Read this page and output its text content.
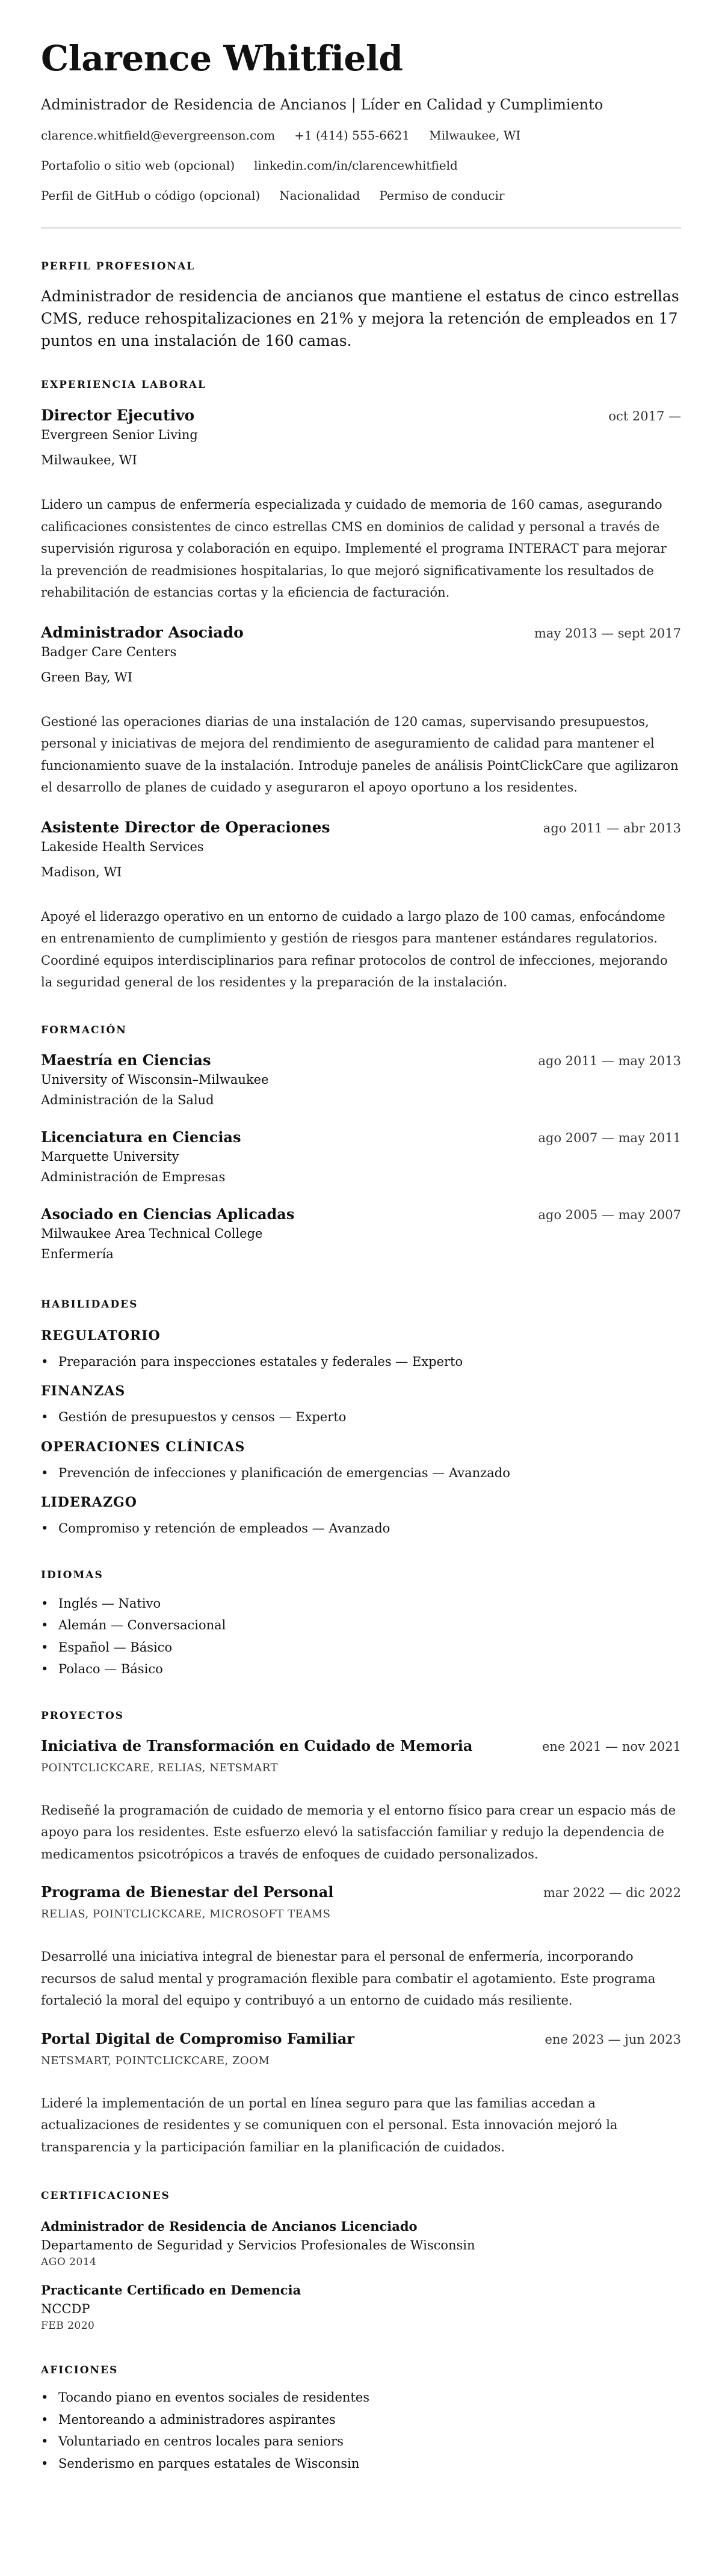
Clarence Whitfield
Administrador de Residencia de Ancianos | Líder en Calidad y Cumplimiento
clarence.whitfield@evergreenson.com +1 (414) 555-6621 Milwaukee, WI
Portafolio o sitio web (opcional) linkedin.com/in/clarencewhitfield
Perfil de GitHub o código (opcional) Nacionalidad Permiso de conducir
PERFIL PROFESIONAL

Administrador de residencia de ancianos que mantiene el estatus de cinco estrellas CMS, reduce rehospitalizaciones en 21% y mejora la retención de empleados en 17 puntos en una instalación de 160 camas.

EXPERIENCIA LABORAL
Director Ejecutivo	oct 2017 —
Evergreen Senior Living
Milwaukee, WI

Lidero un campus de enfermería especializada y cuidado de memoria de 160 camas, asegurando calificaciones consistentes de cinco estrellas CMS en dominios de calidad y personal a través de supervisión rigurosa y colaboración en equipo. Implementé el programa INTERACT para mejorar la prevención de readmisiones hospitalarias, lo que mejoró significativamente los resultados de rehabilitación de estancias cortas y la eficiencia de facturación.

Administrador Asociado	may 2013 — sept 2017
Badger Care Centers
Green Bay, WI

Gestioné las operaciones diarias de una instalación de 120 camas, supervisando presupuestos, personal y iniciativas de mejora del rendimiento de aseguramiento de calidad para mantener el funcionamiento suave de la instalación. Introduje paneles de análisis PointClickCare que agilizaron el desarrollo de planes de cuidado y aseguraron el apoyo oportuno a los residentes.

Asistente Director de Operaciones	ago 2011 — abr 2013
Lakeside Health Services
Madison, WI

Apoyé el liderazgo operativo en un entorno de cuidado a largo plazo de 100 camas, enfocándome en entrenamiento de cumplimiento y gestión de riesgos para mantener estándares regulatorios. Coordiné equipos interdisciplinarios para refinar protocolos de control de infecciones, mejorando la seguridad general de los residentes y la preparación de la instalación.

FORMACIÓN
Maestría en Ciencias	ago 2011 — may 2013
University of Wisconsin–Milwaukee
Administración de la Salud
Licenciatura en Ciencias	ago 2007 — may 2011
Marquette University
Administración de Empresas
Asociado en Ciencias Aplicadas	ago 2005 — may 2007
Milwaukee Area Technical College
Enfermería
HABILIDADES
REGULATORIO
• Preparación para inspecciones estatales y federales — Experto
FINANZAS
• Gestión de presupuestos y censos — Experto
OPERACIONES CLÍNICAS
• Prevención de infecciones y planificación de emergencias — Avanzado
LIDERAZGO
• Compromiso y retención de empleados — Avanzado
IDIOMAS
• Inglés — Nativo
• Alemán — Conversacional
• Español — Básico
• Polaco — Básico
PROYECTOS
Iniciativa de Transformación en Cuidado de Memoria	ene 2021 — nov 2021
POINTCLICKCARE, RELIAS, NETSMART

Rediseñé la programación de cuidado de memoria y el entorno físico para crear un espacio más de apoyo para los residentes. Este esfuerzo elevó la satisfacción familiar y redujo la dependencia de medicamentos psicotrópicos a través de enfoques de cuidado personalizados.

Programa de Bienestar del Personal	mar 2022 — dic 2022
RELIAS, POINTCLICKCARE, MICROSOFT TEAMS

Desarrollé una iniciativa integral de bienestar para el personal de enfermería, incorporando recursos de salud mental y programación flexible para combatir el agotamiento. Este programa fortaleció la moral del equipo y contribuyó a un entorno de cuidado más resiliente.

Portal Digital de Compromiso Familiar	ene 2023 — jun 2023
NETSMART, POINTCLICKCARE, ZOOM

Lideré la implementación de un portal en línea seguro para que las familias accedan a actualizaciones de residentes y se comuniquen con el personal. Esta innovación mejoró la transparencia y la participación familiar en la planificación de cuidados.

CERTIFICACIONES
Administrador de Residencia de Ancianos Licenciado
Departamento de Seguridad y Servicios Profesionales de Wisconsin
AGO 2014
Practicante Certificado en Demencia
NCCDP
FEB 2020
AFICIONES
• Tocando piano en eventos sociales de residentes
• Mentoreando a administradores aspirantes
• Voluntariado en centros locales para seniors
• Senderismo en parques estatales de Wisconsin
